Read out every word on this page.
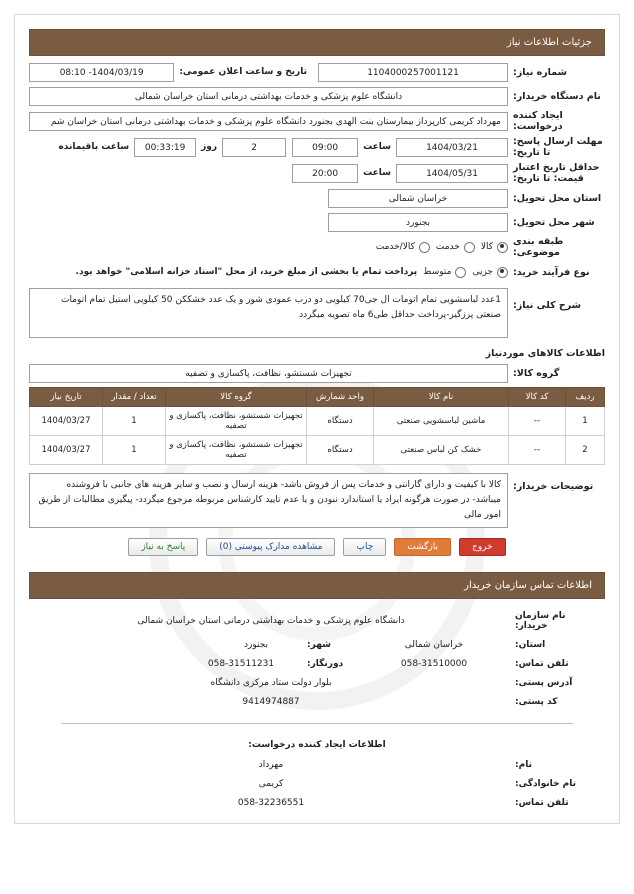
جزئیات اطلاعات نیاز
شماره نیاز:
1104000257001121
تاریخ و ساعت اعلان عمومی:
1404/03/19- 08:10
نام دستگاه خریدار:
دانشگاه علوم پزشکی و خدمات بهداشتی درمانی استان خراسان شمالی
ایجاد کننده درخواست:
مهرداد کریمی کارپرداز بیمارستان بنت الهدی بجنورد دانشگاه علوم پزشکی و خدمات بهداشتی درمانی استان خراسان شم
مهلت ارسال پاسخ: تا تاریخ:
1404/03/21
ساعت
09:00
2
روز
00:33:19
ساعت باقیمانده
حداقل تاریخ اعتبار قیمت: تا تاریخ:
1404/05/31
ساعت
20:00
استان محل تحویل:
خراسان شمالی
شهر محل تحویل:
بجنورد
طبقه بندی موضوعی:
کالا
خدمت
کالا/خدمت
نوع فرآیند خرید:
جزیی
متوسط
پرداخت تمام یا بخشی از مبلغ خرید، از محل "اسناد خزانه اسلامی" خواهد بود.
شرح کلی نیاز:
1عدد لباسشویی تمام اتومات ال جی70 کیلویی دو درب عمودی شور و یک عدد خشککن 50 کیلویی استیل تمام اتومات صنعتی پرزگیر-پرداخت حداقل طی6 ماه تصویه میگردد
اطلاعات کالاهای موردنیاز
گروه کالا:
تجهیزات شستشو، نظافت، پاکسازی و تصفیه
ردیف	کد کالا	نام کالا	واحد شمارش	گروه کالا	تعداد / مقدار	تاریخ نیاز
1	--	ماشین لباسشویی صنعتی	دستگاه	تجهیزات شستشو، نظافت، پاکسازی و تصفیه	1	1404/03/27
2	--	خشک کن لباس صنعتی	دستگاه	تجهیزات شستشو، نظافت، پاکسازی و تصفیه	1	1404/03/27
توضیحات خریدار:
کالا با کیفیت و دارای گارانتی و خدمات پس از فروش باشد- هزینه ارسال و نصب و سایر هزینه های جانبی با فروشنده میباشد- در صورت هرگونه ایراد یا استاندارد نبودن و یا عدم تایید کارشناس مربوطه مرجوع میگردد- پیگیری مطالبات از طریق امور مالی
خروج
بازگشت
چاپ
مشاهده مدارک پیوستی (0)
پاسخ به نیاز
اطلاعات تماس سازمان خریدار
نام سازمان خریدار:
دانشگاه علوم پزشکی و خدمات بهداشتی درمانی استان خراسان شمالی
استان:
خراسان شمالی
شهر:
بجنورد
تلفن تماس:
058-31510000
دورنگار:
058-31511231
آدرس پستی:
بلوار دولت ستاد مرکزی دانشگاه
کد پستی:
9414974887
اطلاعات ایجاد کننده درخواست:
نام:
مهرداد
نام خانوادگی:
کریمی
تلفن تماس:
058-32236551
